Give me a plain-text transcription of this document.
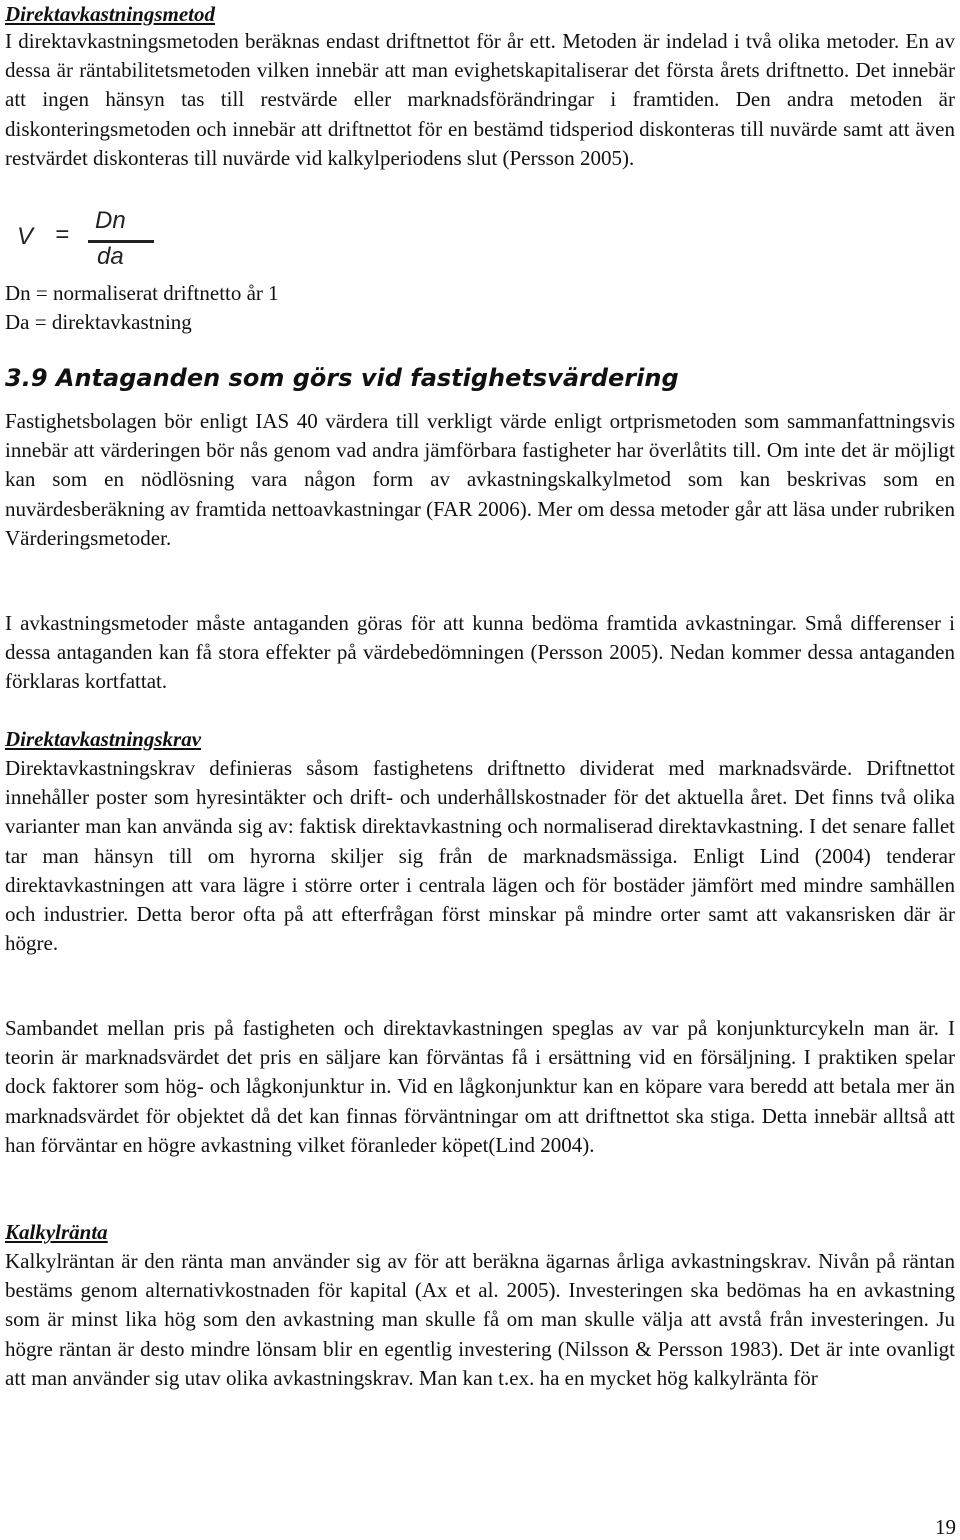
Direktavkastningsmetod
I direktavkastningsmetoden beräknas endast driftnettot för år ett. Metoden är indelad i två olika metoder. En av dessa är räntabilitetsmetoden vilken innebär att man evighetskapitaliserar det första årets driftnetto. Det innebär att ingen hänsyn tas till restvärde eller marknadsförändringar i framtiden. Den andra metoden är diskonteringsmetoden och innebär att driftnettot för en bestämd tidsperiod diskonteras till nuvärde samt att även restvärdet diskonteras till nuvärde vid kalkylperiodens slut (Persson 2005).
V =
Dn
da
Dn = normaliserat driftnetto år 1
Da = direktavkastning
3.9 Antaganden som görs vid fastighetsvärdering
Fastighetsbolagen bör enligt IAS 40 värdera till verkligt värde enligt ortprismetoden som sammanfattningsvis innebär att värderingen bör nås genom vad andra jämförbara fastigheter har överlåtits till. Om inte det är möjligt kan som en nödlösning vara någon form av avkastningskalkylmetod som kan beskrivas som en nuvärdesberäkning av framtida nettoavkastningar (FAR 2006). Mer om dessa metoder går att läsa under rubriken Värderingsmetoder.
I avkastningsmetoder måste antaganden göras för att kunna bedöma framtida avkastningar. Små differenser i dessa antaganden kan få stora effekter på värdebedömningen (Persson 2005). Nedan kommer dessa antaganden förklaras kortfattat.
Direktavkastningskrav
Direktavkastningskrav definieras såsom fastighetens driftnetto dividerat med marknadsvärde. Driftnettot innehåller poster som hyresintäkter och drift- och underhållskostnader för det aktuella året. Det finns två olika varianter man kan använda sig av: faktisk direktavkastning och normaliserad direktavkastning. I det senare fallet tar man hänsyn till om hyrorna skiljer sig från de marknadsmässiga. Enligt Lind (2004) tenderar direktavkastningen att vara lägre i större orter i centrala lägen och för bostäder jämfört med mindre samhällen och industrier. Detta beror ofta på att efterfrågan först minskar på mindre orter samt att vakansrisken där är högre.
Sambandet mellan pris på fastigheten och direktavkastningen speglas av var på konjunkturcykeln man är. I teorin är marknadsvärdet det pris en säljare kan förväntas få i ersättning vid en försäljning. I praktiken spelar dock faktorer som hög- och lågkonjunktur in. Vid en lågkonjunktur kan en köpare vara beredd att betala mer än marknadsvärdet för objektet då det kan finnas förväntningar om att driftnettot ska stiga. Detta innebär alltså att han förväntar en högre avkastning vilket föranleder köpet(Lind 2004).
Kalkylränta
Kalkylräntan är den ränta man använder sig av för att beräkna ägarnas årliga avkastningskrav. Nivån på räntan bestäms genom alternativkostnaden för kapital (Ax et al. 2005). Investeringen ska bedömas ha en avkastning som är minst lika hög som den avkastning man skulle få om man skulle välja att avstå från investeringen. Ju högre räntan är desto mindre lönsam blir en egentlig investering (Nilsson & Persson 1983). Det är inte ovanligt att man använder sig utav olika avkastningskrav. Man kan t.ex. ha en mycket hög kalkylränta för
19
